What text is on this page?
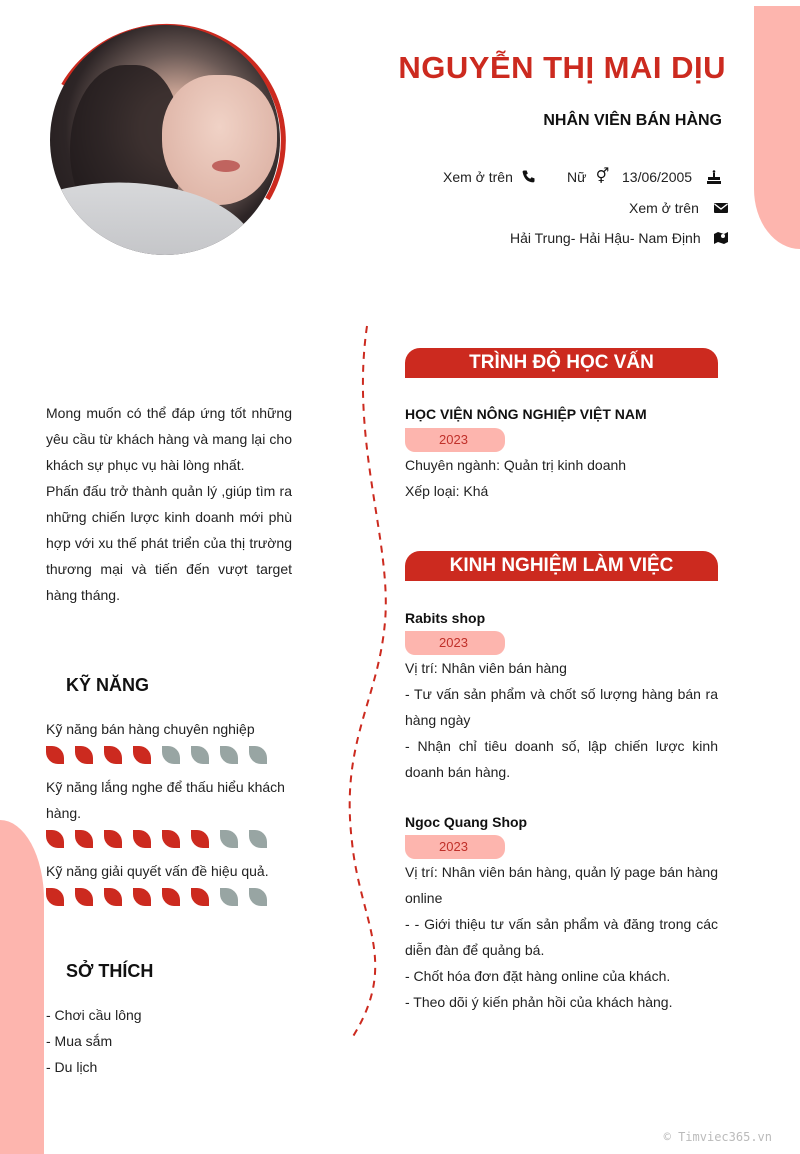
NGUYỄN THỊ MAI DỊU
NHÂN VIÊN BÁN HÀNG
Xem ở trên	Nữ ⚥ 13/06/2005
Xem ở trên
Hải Trung- Hải Hậu- Nam Định
Mong muốn có thể đáp ứng tốt những yêu cầu từ khách hàng và mang lại cho khách sự phục vụ hài lòng nhất.
Phấn đấu trở thành quản lý ,giúp tìm ra những chiến lược kinh doanh mới phù hợp với xu thế phát triển của thị trường thương mại và tiến đến vượt target hàng tháng.
KỸ NĂNG
Kỹ năng bán hàng chuyên nghiệp
Kỹ năng lắng nghe để thấu hiểu khách hàng.
Kỹ năng giải quyết vấn đề hiệu quả.
SỞ THÍCH
- Chơi cầu lông
- Mua sắm
- Du lịch
TRÌNH ĐỘ HỌC VẤN
HỌC VIỆN NÔNG NGHIỆP VIỆT NAM
2023
Chuyên ngành: Quản trị kinh doanh
Xếp loại: Khá
KINH NGHIỆM LÀM VIỆC
Rabits shop
2023
Vị trí: Nhân viên bán hàng
- Tư vấn sản phẩm và chốt số lượng hàng bán ra hàng ngày
- Nhận chỉ tiêu doanh số, lập chiến lược kinh doanh bán hàng.
Ngoc Quang Shop
2023
Vị trí: Nhân viên bán hàng, quản lý page bán hàng online
- - Giới thiệu tư vấn sản phẩm và đăng trong các diễn đàn để quảng bá.
- Chốt hóa đơn đặt hàng online của khách.
- Theo dõi ý kiến phản hồi của khách hàng.
© Timviec365.vn
